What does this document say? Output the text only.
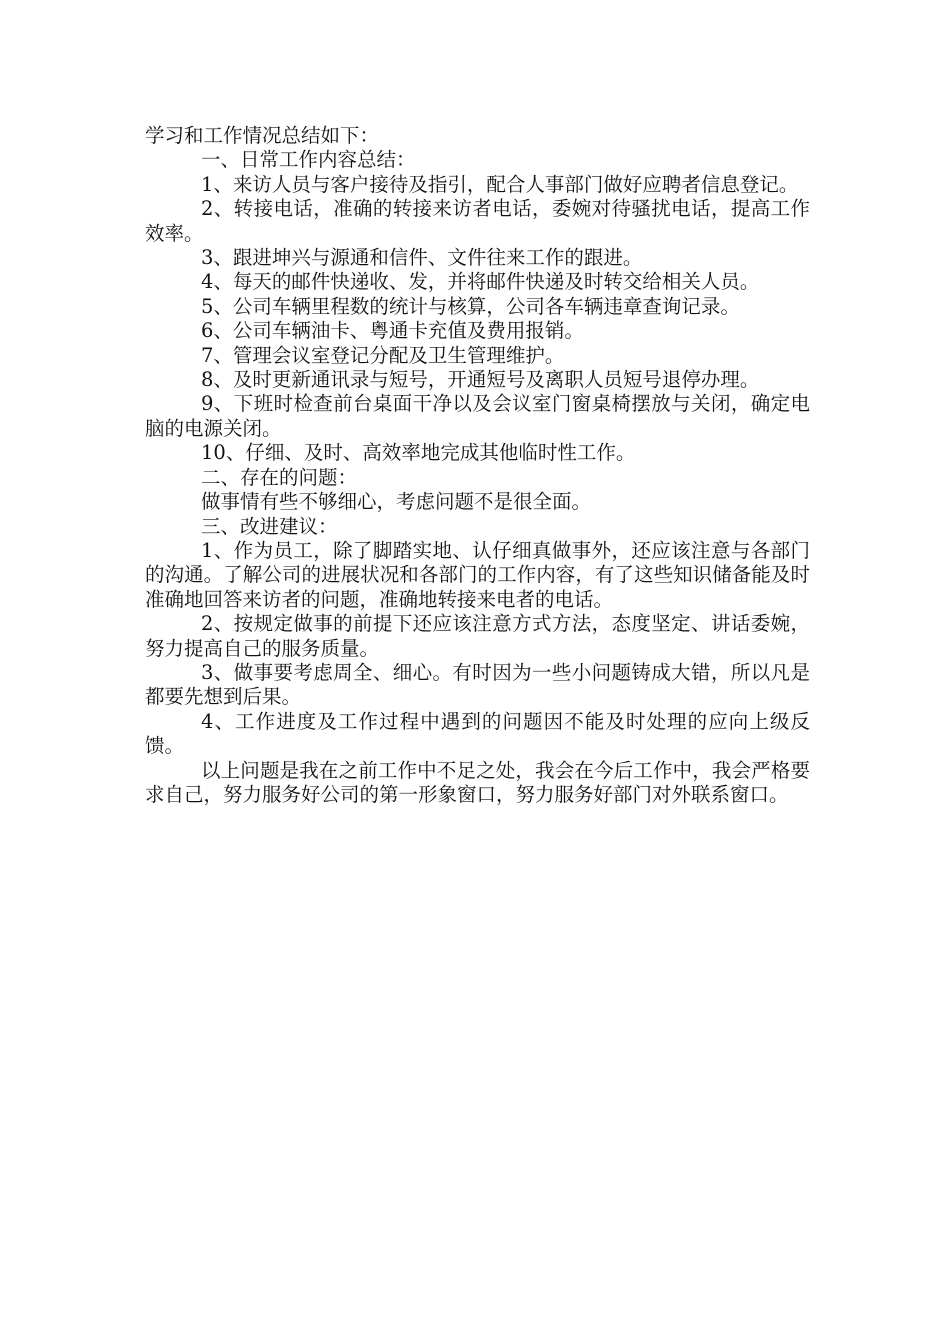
学习和工作情况总结如下：

一、日常工作内容总结：

1、来访人员与客户接待及指引，配合人事部门做好应聘者信息登记。

2、转接电话，准确的转接来访者电话，委婉对待骚扰电话，提高工作效率。

3、跟进坤兴与源通和信件、文件往来工作的跟进。

4、每天的邮件快递收、发，并将邮件快递及时转交给相关人员。

5、公司车辆里程数的统计与核算，公司各车辆违章查询记录。

6、公司车辆油卡、粤通卡充值及费用报销。

7、管理会议室登记分配及卫生管理维护。

8、及时更新通讯录与短号，开通短号及离职人员短号退停办理。

9、下班时检查前台桌面干净以及会议室门窗桌椅摆放与关闭，确定电脑的电源关闭。

10、仔细、及时、高效率地完成其他临时性工作。

二、存在的问题：

做事情有些不够细心，考虑问题不是很全面。

三、改进建议：

1、作为员工，除了脚踏实地、认仔细真做事外，还应该注意与各部门的沟通。了解公司的进展状况和各部门的工作内容，有了这些知识储备能及时准确地回答来访者的问题，准确地转接来电者的电话。

2、按规定做事的前提下还应该注意方式方法，态度坚定、讲话委婉，努力提高自己的服务质量。

3、做事要考虑周全、细心。有时因为一些小问题铸成大错，所以凡是都要先想到后果。

4、工作进度及工作过程中遇到的问题因不能及时处理的应向上级反馈。

以上问题是我在之前工作中不足之处，我会在今后工作中，我会严格要求自己，努力服务好公司的第一形象窗口，努力服务好部门对外联系窗口。
